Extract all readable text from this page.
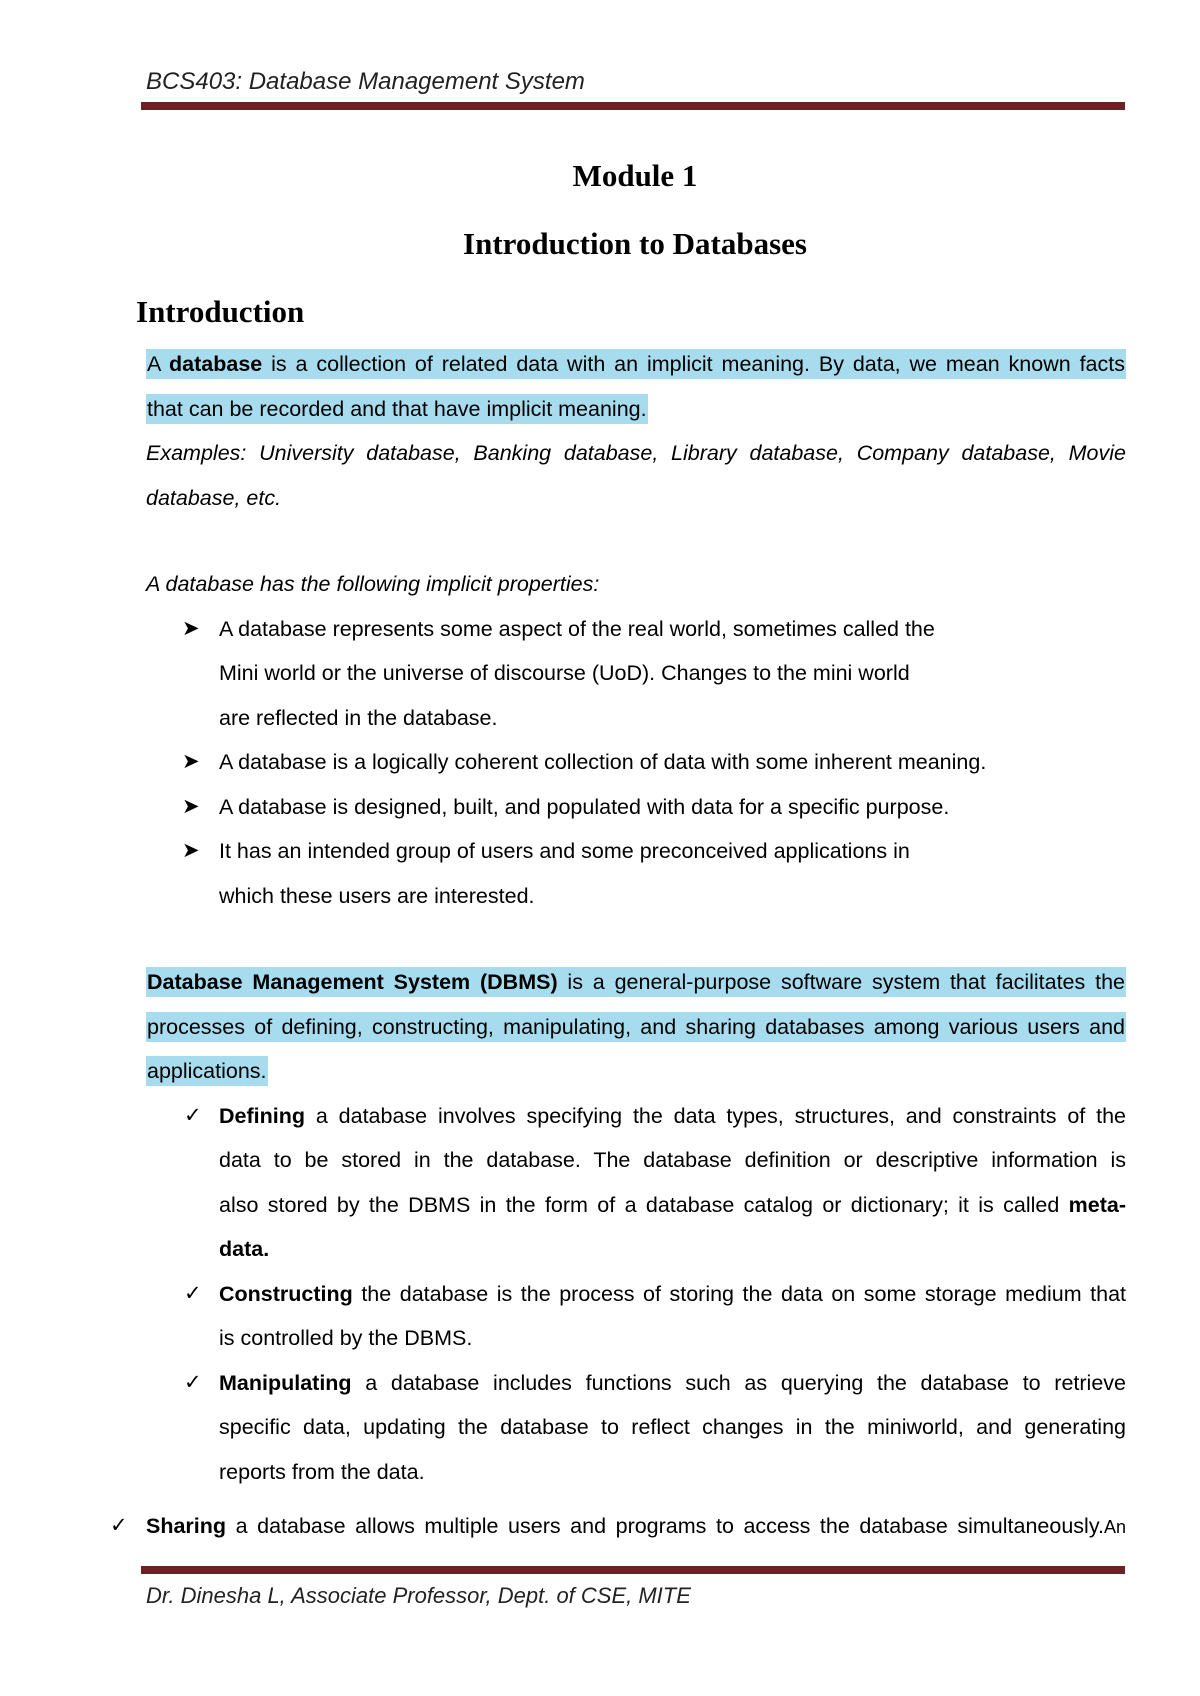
BCS403: Database Management System
Module 1
Introduction to Databases
Introduction
A database is a collection of related data with an implicit meaning. By data, we mean known facts
that can be recorded and that have implicit meaning.
Examples: University database, Banking database, Library database, Company database, Movie
database, etc.
A database has the following implicit properties:
➤ A database represents some aspect of the real world, sometimes called the
Mini world or the universe of discourse (UoD). Changes to the mini world
are reflected in the database.
➤ A database is a logically coherent collection of data with some inherent meaning.
➤ A database is designed, built, and populated with data for a specific purpose.
➤ It has an intended group of users and some preconceived applications in
which these users are interested.
Database Management System (DBMS) is a general-purpose software system that facilitates the
processes of defining, constructing, manipulating, and sharing databases among various users and
applications.
✓ Defining a database involves specifying the data types, structures, and constraints of the
data to be stored in the database. The database definition or descriptive information is
also stored by the DBMS in the form of a database catalog or dictionary; it is called meta-
data.
✓ Constructing the database is the process of storing the data on some storage medium that
is controlled by the DBMS.
✓ Manipulating a database includes functions such as querying the database to retrieve
specific data, updating the database to reflect changes in the miniworld, and generating
reports from the data.
✓ Sharing a database allows multiple users and programs to access the database simultaneously.An
Dr. Dinesha L, Associate Professor, Dept. of CSE, MITE
